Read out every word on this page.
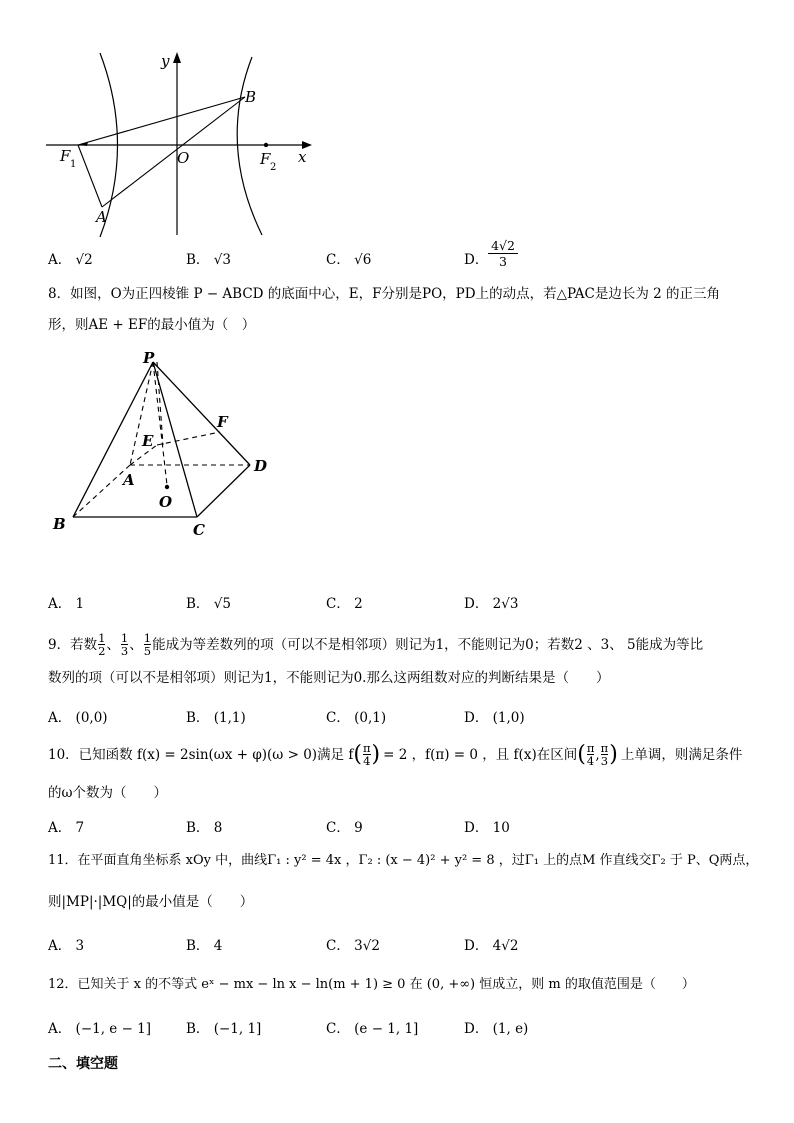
y
x
O
B
A
F 1	F 2
A． √2	B． √3	C． √6	D．
4√2
3
8．如图，O为正四棱锥 P − ABCD 的底面中心，E，F分别是PO，PD上的动点，若△PAC是边长为 2 的正三角
形，则AE + EF的最小值为（　）
P
F
E
A
D
O
B	C
A． 1	B． √5	C． 2	D． 2√3
9．若数 1
2 、 1
3 、 1
5 能成为等差数列的项（可以不是相邻项）则记为1，不能则记为0；若数2 、3、 5能成为等比
数列的项（可以不是相邻项）则记为1，不能则记为0.那么这两组数对应的判断结果是（　　）
A． (0,0)	B． (1,1)	C． (0,1)	D． (1,0)
10．已知函数 f(x) = 2sin(ωx + φ)(ω > 0)满足 f ( π
4 ) = 2 ，f(π) = 0 ，且 f(x)在区间 ( π
4 , π
3 ) 上单调，则满足条件
的ω个数为（　　）
A． 7	B． 8	C． 9	D． 10
11．在平面直角坐标系 xOy 中，曲线Γ₁ : y² = 4x ，Γ₂ : (x − 4)² + y² = 8 ，过Γ₁ 上的点M 作直线交Γ₂ 于 P、Q两点，
则|MP|·|MQ|的最小值是（　　）
A． 3	B． 4	C． 3√2	D． 4√2
12．已知关于 x 的不等式 eˣ − mx − ln x − ln(m + 1) ≥ 0 在 (0, +∞) 恒成立，则 m 的取值范围是（　　）
A． (−1, e − 1]	B． (−1, 1]	C． (e − 1, 1]	D． (1, e)
二、填空题
